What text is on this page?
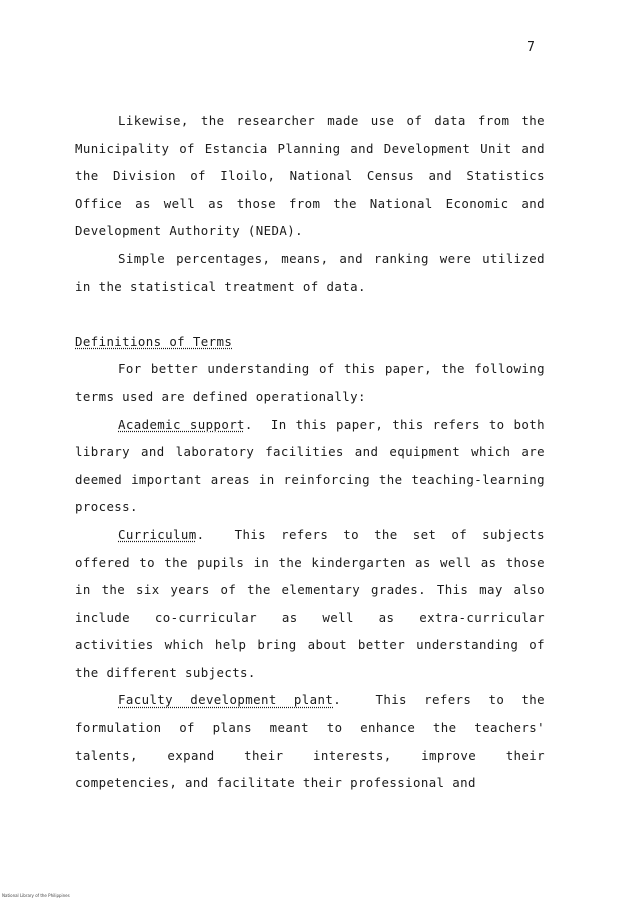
7

Likewise, the researcher made use of data from the Municipality of Estancia Planning and Development Unit and the Division of Iloilo, National Census and Statistics Office as well as those from the National Economic and Development Authority (NEDA).

Simple percentages, means, and ranking were utilized in the statistical treatment of data.

Definitions of Terms

For better understanding of this paper, the following terms used are defined operationally:

Academic support.  In this paper, this refers to both library and laboratory facilities and equipment which are deemed important areas in reinforcing the teaching-learning process.

Curriculum.  This refers to the set of subjects offered to the pupils in the kindergarten as well as those in the six years of the elementary grades. This may also include co-curricular as well as extra-curricular activities which help bring about better understanding of the different subjects.

Faculty development plant.  This refers to the formulation of plans meant to enhance the teachers' talents, expand their interests, improve their competencies, and facilitate their professional and

National Library of the Philippines
